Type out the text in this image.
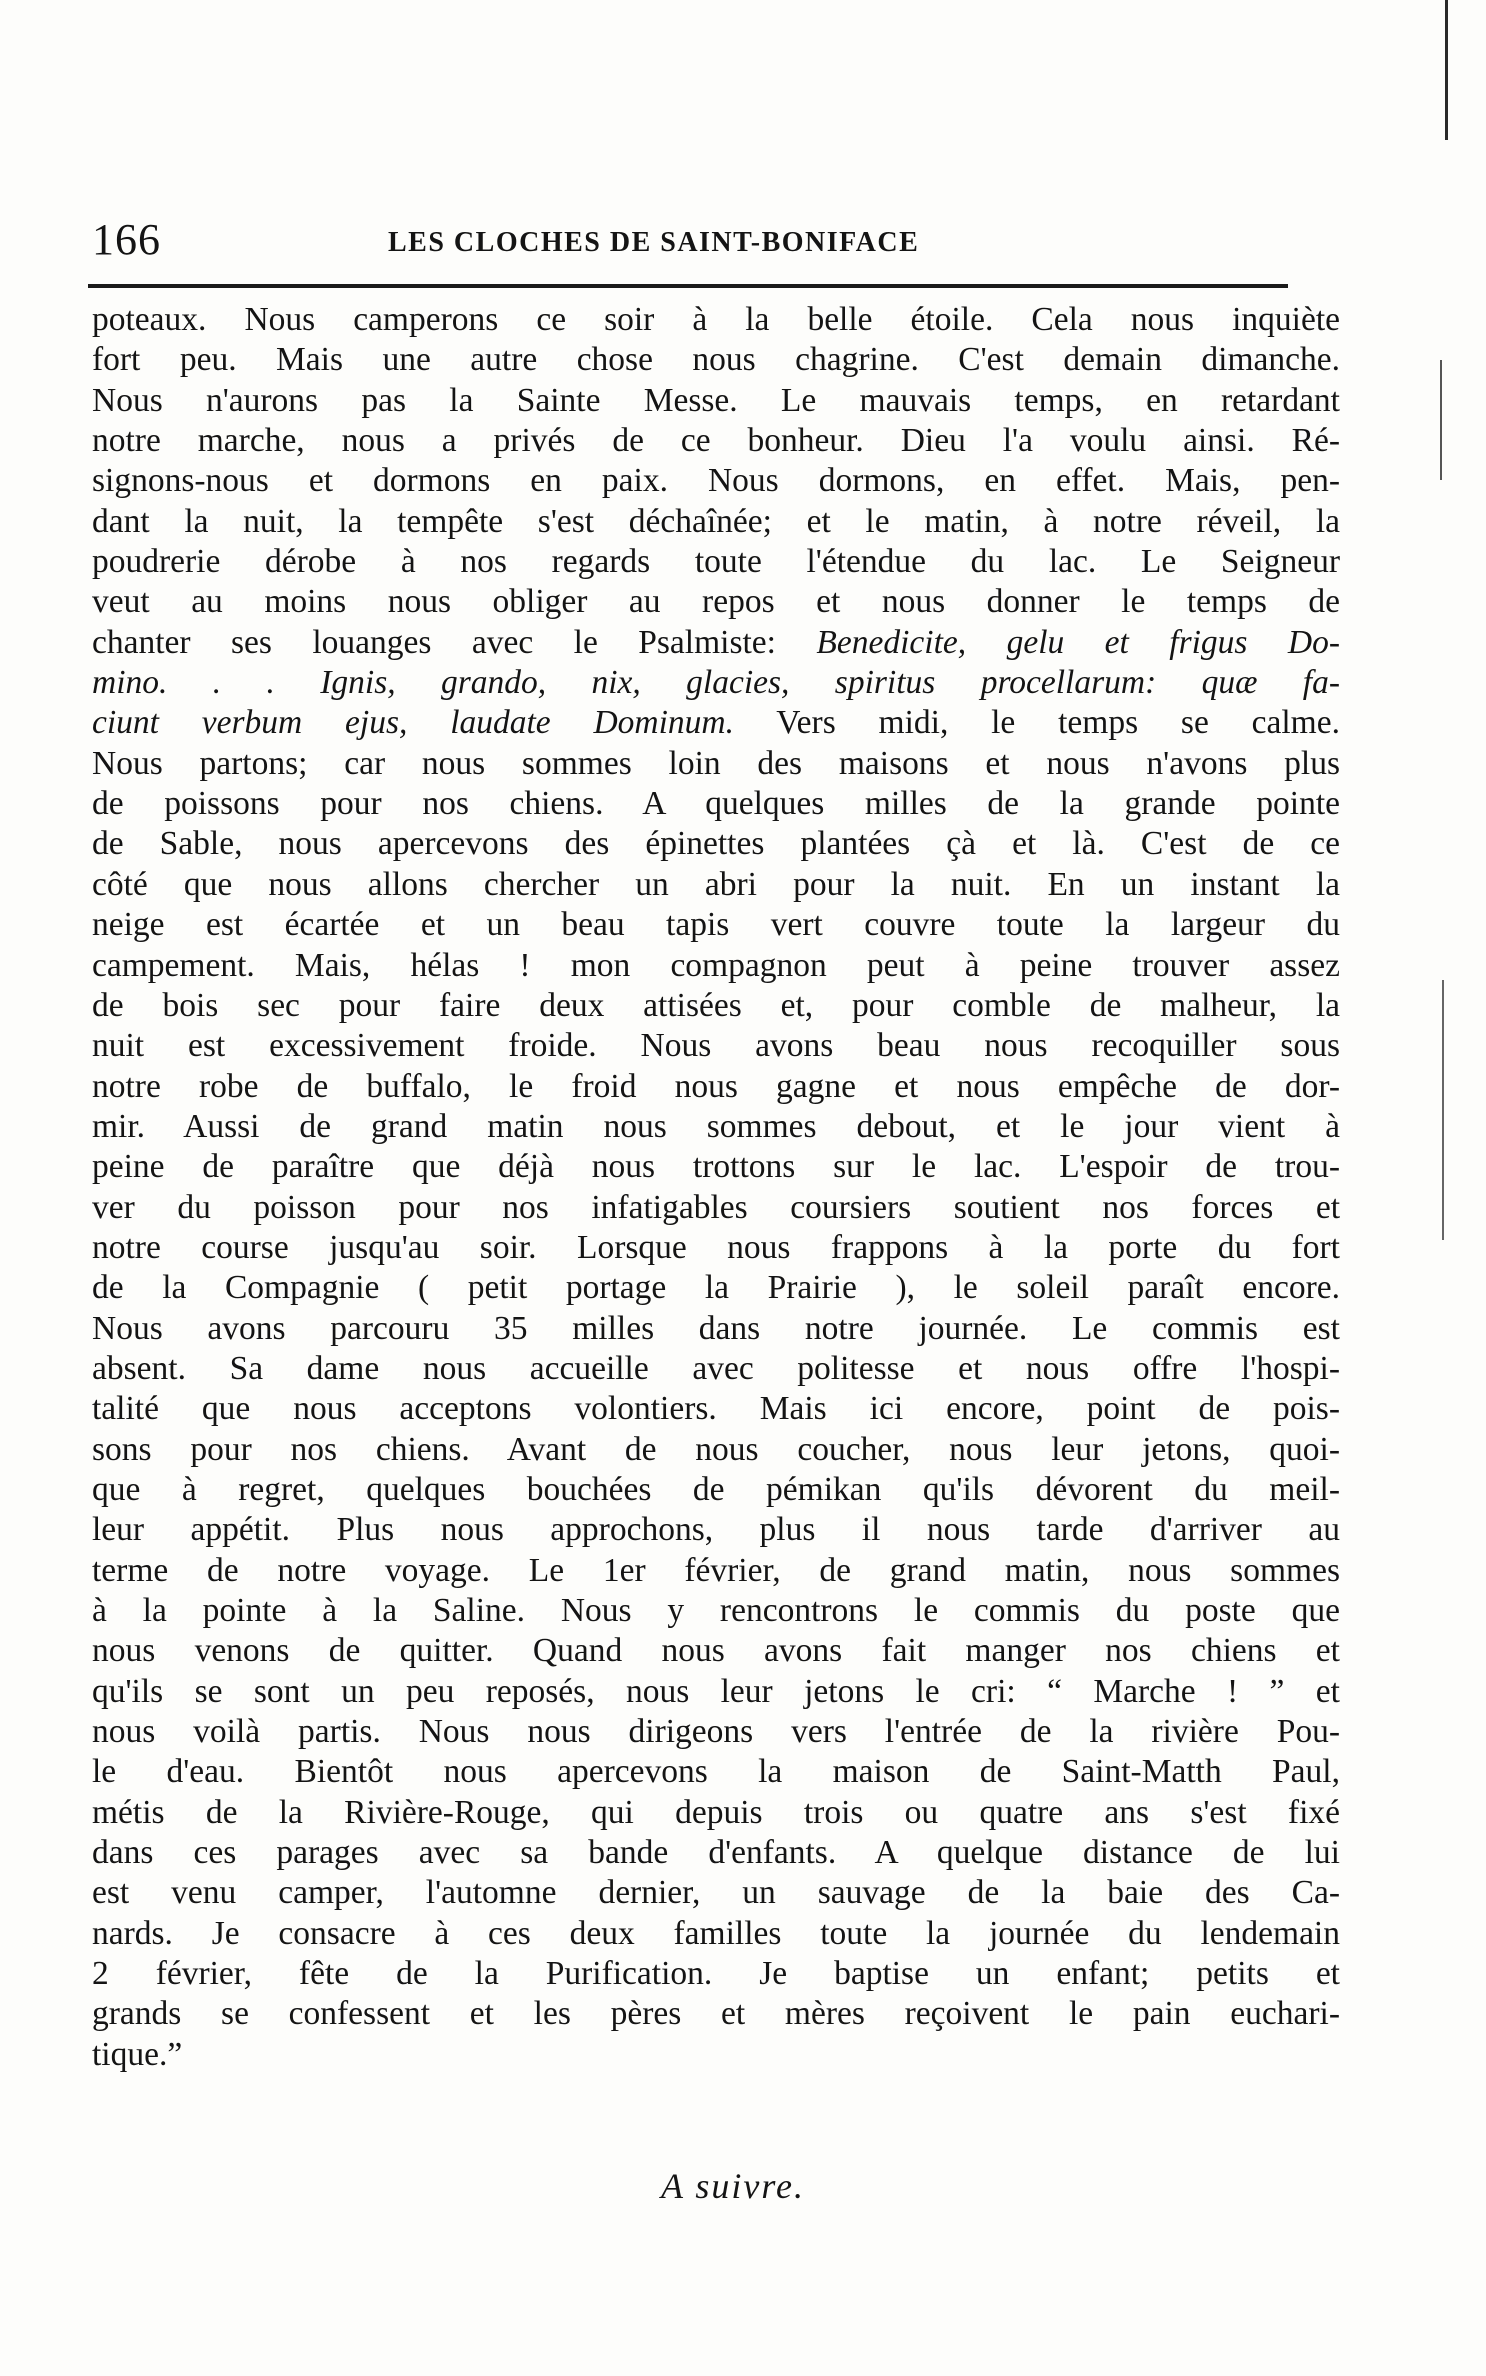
166	LES CLOCHES DE SAINT-BONIFACE
poteaux. Nous camperons ce soir à la belle étoile. Cela nous inquiète
fort peu. Mais une autre chose nous chagrine. C'est demain dimanche.
Nous n'aurons pas la Sainte Messe. Le mauvais temps, en retardant
notre marche, nous a privés de ce bonheur. Dieu l'a voulu ainsi. Ré-
signons-nous et dormons en paix. Nous dormons, en effet. Mais, pen-
dant la nuit, la tempête s'est déchaînée; et le matin, à notre réveil, la
poudrerie dérobe à nos regards toute l'étendue du lac. Le Seigneur
veut au moins nous obliger au repos et nous donner le temps de
chanter ses louanges avec le Psalmiste: Benedicite, gelu et frigus Do-
mino. . . Ignis, grando, nix, glacies, spiritus procellarum: quæ fa-
ciunt verbum ejus, laudate Dominum. Vers midi, le temps se calme.
Nous partons; car nous sommes loin des maisons et nous n'avons plus
de poissons pour nos chiens. A quelques milles de la grande pointe
de Sable, nous apercevons des épinettes plantées çà et là. C'est de ce
côté que nous allons chercher un abri pour la nuit. En un instant la
neige est écartée et un beau tapis vert couvre toute la largeur du
campement. Mais, hélas ! mon compagnon peut à peine trouver assez
de bois sec pour faire deux attisées et, pour comble de malheur, la
nuit est excessivement froide. Nous avons beau nous recoquiller sous
notre robe de buffalo, le froid nous gagne et nous empêche de dor-
mir. Aussi de grand matin nous sommes debout, et le jour vient à
peine de paraître que déjà nous trottons sur le lac. L'espoir de trou-
ver du poisson pour nos infatigables coursiers soutient nos forces et
notre course jusqu'au soir. Lorsque nous frappons à la porte du fort
de la Compagnie ( petit portage la Prairie ), le soleil paraît encore.
Nous avons parcouru 35 milles dans notre journée. Le commis est
absent. Sa dame nous accueille avec politesse et nous offre l'hospi-
talité que nous acceptons volontiers. Mais ici encore, point de pois-
sons pour nos chiens. Avant de nous coucher, nous leur jetons, quoi-
que à regret, quelques bouchées de pémikan qu'ils dévorent du meil-
leur appétit. Plus nous approchons, plus il nous tarde d'arriver au
terme de notre voyage. Le 1er février, de grand matin, nous sommes
à la pointe à la Saline. Nous y rencontrons le commis du poste que
nous venons de quitter. Quand nous avons fait manger nos chiens et
qu'ils se sont un peu reposés, nous leur jetons le cri: “ Marche ! ” et
nous voilà partis. Nous nous dirigeons vers l'entrée de la rivière Pou-
le d'eau. Bientôt nous apercevons la maison de Saint-Matth Paul,
métis de la Rivière-Rouge, qui depuis trois ou quatre ans s'est fixé
dans ces parages avec sa bande d'enfants. A quelque distance de lui
est venu camper, l'automne dernier, un sauvage de la baie des Ca-
nards. Je consacre à ces deux familles toute la journée du lendemain
2 février, fête de la Purification. Je baptise un enfant; petits et
grands se confessent et les pères et mères reçoivent le pain euchari-
tique.”
A suivre.
